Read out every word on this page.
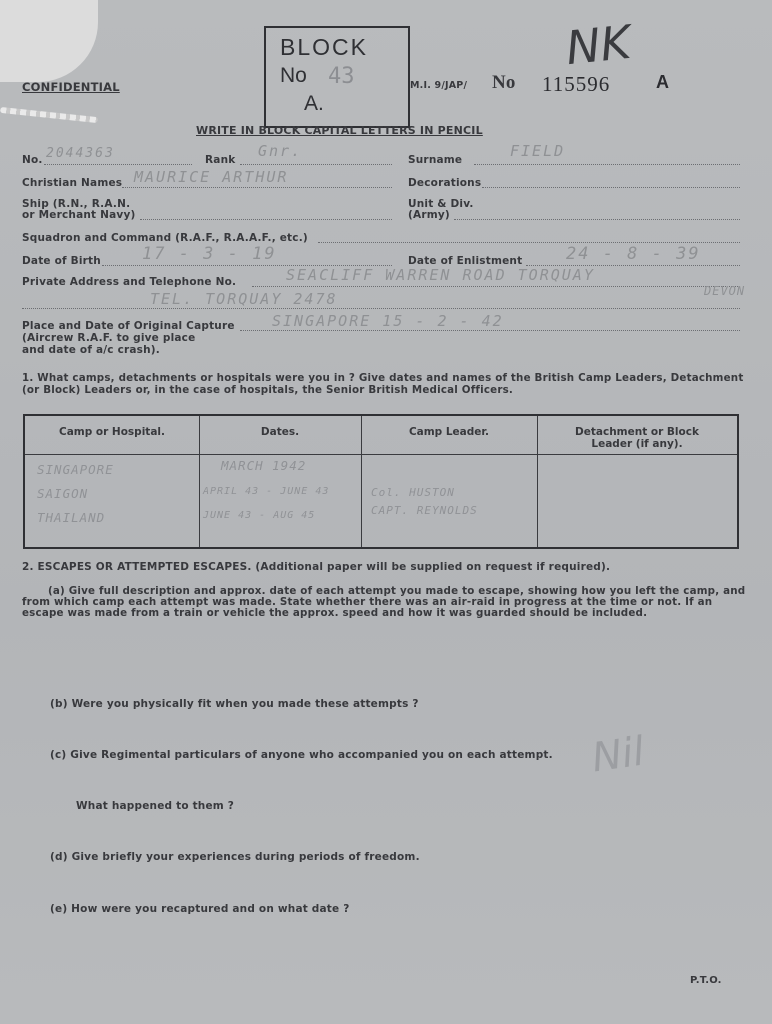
CONFIDENTIAL
BLOCK
No 43
A.
M.I. 9/JAP/ No 115596	A
NK
WRITE IN BLOCK CAPITAL LETTERS IN PENCIL
No. 2044363	Rank Gnr.	Surname	FIELD
Christian Names MAURICE ARTHUR	Decorations
Ship (R.N., R.A.N.
or Merchant Navy)
Unit & Div.
(Army)
Squadron and Command (R.A.F., R.A.A.F., etc.)
Date of Birth 17 - 3 - 19	Date of Enlistment	24 - 8 - 39
Private Address and Telephone No.	SEACLIFF WARREN ROAD TORQUAY
TEL. TORQUAY 2478	DEVON
Place and Date of Original Capture
(Aircrew R.A.F. to give place
and date of a/c crash).
SINGAPORE 15 - 2 - 42
1. What camps, detachments or hospitals were you in ? Give dates and names of the British Camp Leaders, Detachment
(or Block) Leaders or, in the case of hospitals, the Senior British Medical Officers.
Camp or Hospital.	Dates.	Camp Leader.	Detachment or Block
Leader (if any).
SINGAPORE	MARCH 1942
SAIGON	APRIL 43 - JUNE 43	Col. HUSTON
THAILAND	JUNE 43 - AUG 45	CAPT. REYNOLDS
2. ESCAPES OR ATTEMPTED ESCAPES. (Additional paper will be supplied on request if required).
(a) Give full description and approx. date of each attempt you made to escape, showing how you left the camp, and
from which camp each attempt was made. State whether there was an air-raid in progress at the time or not. If an
escape was made from a train or vehicle the approx. speed and how it was guarded should be included.
(b) Were you physically fit when you made these attempts ?
(c) Give Regimental particulars of anyone who accompanied you on each attempt. Nil
What happened to them ?
(d) Give briefly your experiences during periods of freedom.
(e) How were you recaptured and on what date ?
P.T.O.
